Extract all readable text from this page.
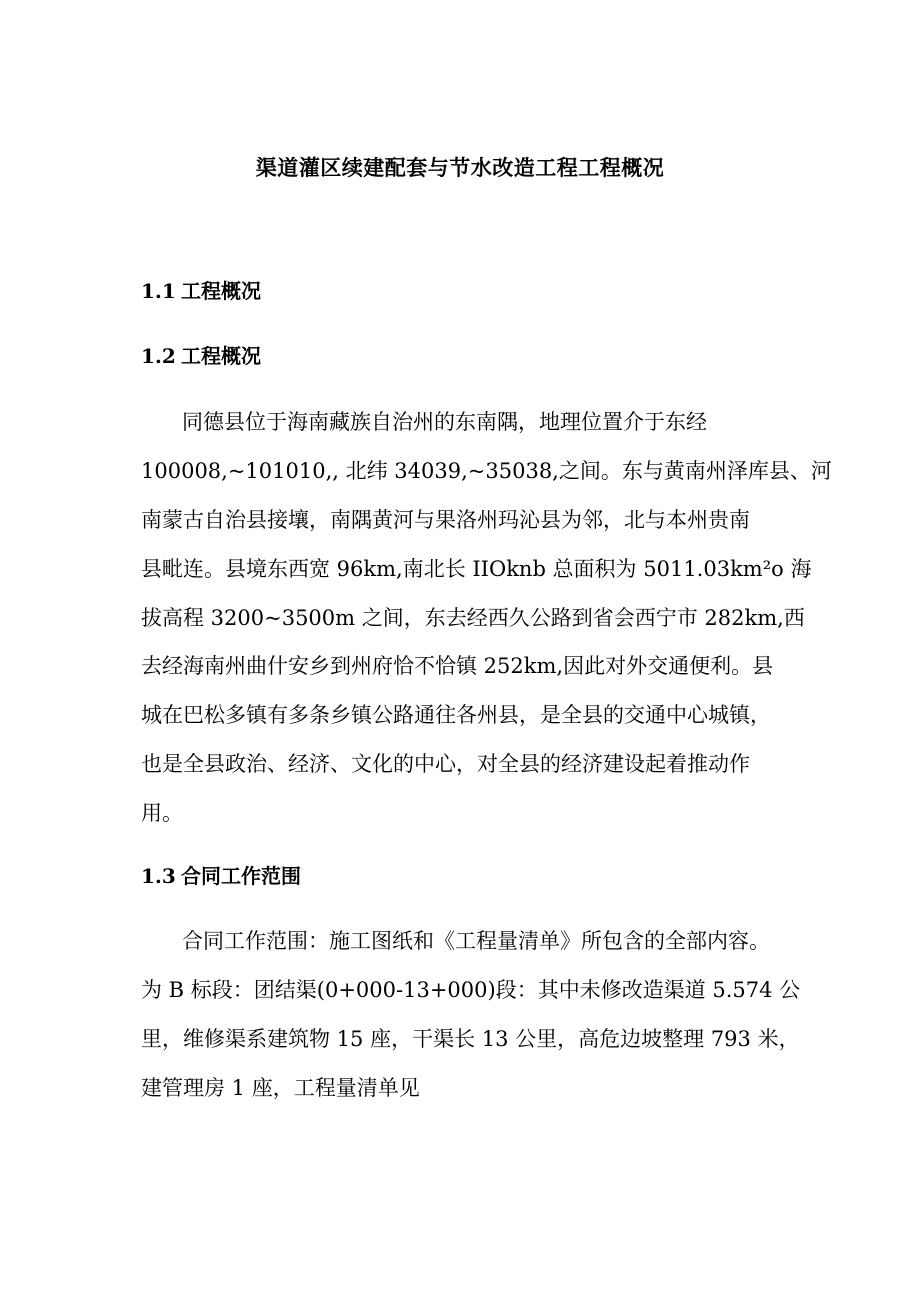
渠道灌区续建配套与节水改造工程工程概况
1.1 工程概况
1.2 工程概况
同德县位于海南藏族自治州的东南隅，地理位置介于东经
100008,~101010,, 北纬 34039,~35038,之间。东与黄南州泽库县、河
南蒙古自治县接壤，南隅黄河与果洛州玛沁县为邻，北与本州贵南
县毗连。县境东西宽 96km,南北长 IIOknb 总面积为 5011.03km²o 海
拔高程 3200~3500m 之间，东去经西久公路到省会西宁市 282km,西
去经海南州曲什安乡到州府恰不恰镇 252km,因此对外交通便利。县
城在巴松多镇有多条乡镇公路通往各州县，是全县的交通中心城镇，
也是全县政治、经济、文化的中心，对全县的经济建设起着推动作
用。
1.3 合同工作范围
合同工作范围：施工图纸和《工程量清单》所包含的全部内容。
为 B 标段：团结渠(0+000-13+000)段：其中未修改造渠道 5.574 公
里，维修渠系建筑物 15 座，干渠长 13 公里，高危边坡整理 793 米，
建管理房 1 座，工程量清单见
